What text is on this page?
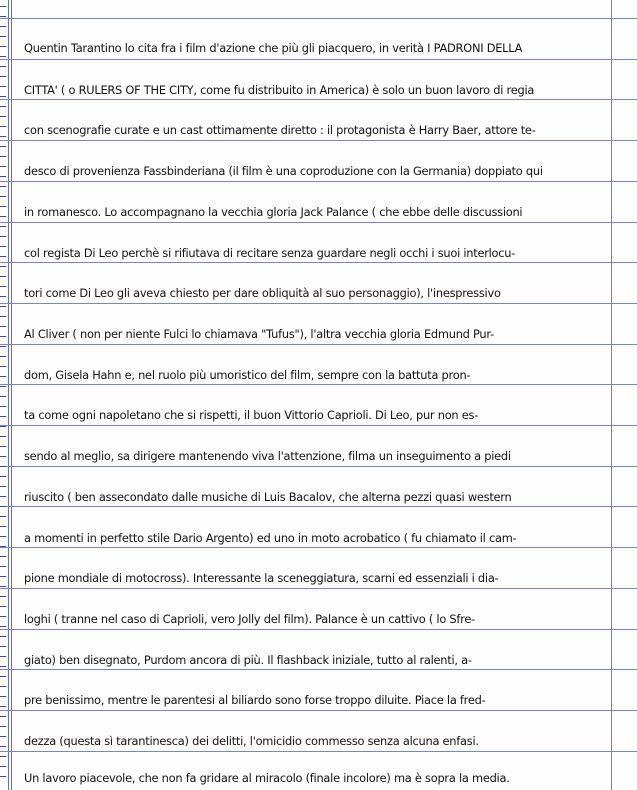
Quentin Tarantino lo cita fra i film d'azione che più gli piacquero, in verità I PADRONI DELLA
CITTA' ( o RULERS OF THE CITY, come fu distribuito in America) è solo un buon lavoro di regia
con scenografie curate e un cast ottimamente diretto : il protagonista è Harry Baer, attore te-
desco di provenienza Fassbinderiana (il film è una coproduzione con la Germania) doppiato qui
in romanesco. Lo accompagnano la vecchia gloria Jack Palance ( che ebbe delle discussioni
col regista Di Leo perchè si rifiutava di recitare senza guardare negli occhi i suoi interlocu-
tori come Di Leo gli aveva chiesto per dare obliquità al suo personaggio), l'inespressivo
Al Cliver ( non per niente Fulci lo chiamava "Tufus"), l'altra vecchia gloria Edmund Pur-
dom, Gisela Hahn e, nel ruolo più umoristico del film, sempre con la battuta pron-
ta come ogni napoletano che si rispetti, il buon Vittorio Caprioli. Di Leo, pur non es-
sendo al meglio, sa dirigere mantenendo viva l'attenzione, filma un inseguimento a piedi
riuscito ( ben assecondato dalle musiche di Luis Bacalov, che alterna pezzi quasi western
a momenti in perfetto stile Dario Argento) ed uno in moto acrobatico ( fu chiamato il cam-
pione mondiale di motocross). Interessante la sceneggiatura, scarni ed essenziali i dia-
loghi ( tranne nel caso di Caprioli, vero Jolly del film). Palance è un cattivo ( lo Sfre-
giato) ben disegnato, Purdom ancora di più. Il flashback iniziale, tutto al ralenti, a-
pre benissimo, mentre le parentesi al biliardo sono forse troppo diluite. Piace la fred-
dezza (questa sì tarantinesca) dei delitti, l'omicidio commesso senza alcuna enfasi.
Un lavoro piacevole, che non fa gridare al miracolo (finale incolore) ma è sopra la media.
